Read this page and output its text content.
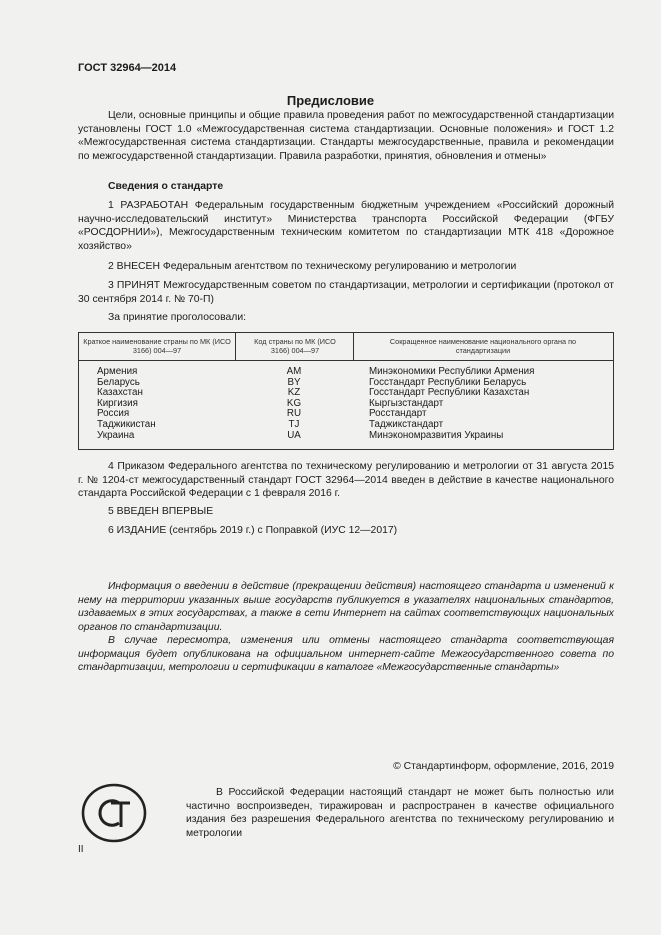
ГОСТ 32964—2014
Предисловие

Цели, основные принципы и общие правила проведения работ по межгосударственной стандартизации установлены ГОСТ 1.0 «Межгосударственная система стандартизации. Основные положения» и ГОСТ 1.2 «Межгосударственная система стандартизации. Стандарты межгосударственные, правила и рекомендации по межгосударственной стандартизации. Правила разработки, принятия, обновления и отмены»

Сведения о стандарте

1 РАЗРАБОТАН Федеральным государственным бюджетным учреждением «Российский дорожный научно-исследовательский институт» Министерства транспорта Российской Федерации (ФГБУ «РОСДОРНИИ»), Межгосударственным техническим комитетом по стандартизации МТК 418 «Дорожное хозяйство»

2 ВНЕСЕН Федеральным агентством по техническому регулированию и метрологии

3 ПРИНЯТ Межгосударственным советом по стандартизации, метрологии и сертификации (протокол от 30 сентября 2014 г. № 70-П)

За принятие проголосовали:

Краткое наименование страны по МК (ИСО 3166) 004—97
Код страны по МК (ИСО 3166) 004—97
Сокращенное наименование национального органа по стандартизации
Армения
Беларусь
Казахстан
Киргизия
Россия
Таджикистан
Украина
AM
BY
KZ
KG
RU
TJ
UA
Минэкономики Республики Армения
Госстандарт Республики Беларусь
Госстандарт Республики Казахстан
Кыргызстандарт
Росстандарт
Таджикстандарт
Минэкономразвития Украины

4 Приказом Федерального агентства по техническому регулированию и метрологии от 31 августа 2015 г. № 1204-ст межгосударственный стандарт ГОСТ 32964—2014 введен в действие в качестве национального стандарта Российской Федерации с 1 февраля 2016 г.

5 ВВЕДЕН ВПЕРВЫЕ

6 ИЗДАНИЕ (сентябрь 2019 г.) с Поправкой (ИУС 12—2017)

Информация о введении в действие (прекращении действия) настоящего стандарта и изменений к нему на территории указанных выше государств публикуется в указателях национальных стандартов, издаваемых в этих государствах, а также в сети Интернет на сайтах соответствующих национальных органов по стандартизации.

В случае пересмотра, изменения или отмены настоящего стандарта соответствующая информация будет опубликована на официальном интернет-сайте Межгосударственного совета по стандартизации, метрологии и сертификации в каталоге «Межгосударственные стандарты»

© Стандартинформ, оформление, 2016, 2019

В Российской Федерации настоящий стандарт не может быть полностью или частично воспроизведен, тиражирован и распространен в качестве официального издания без разрешения Федерального агентства по техническому регулированию и метрологии

II
